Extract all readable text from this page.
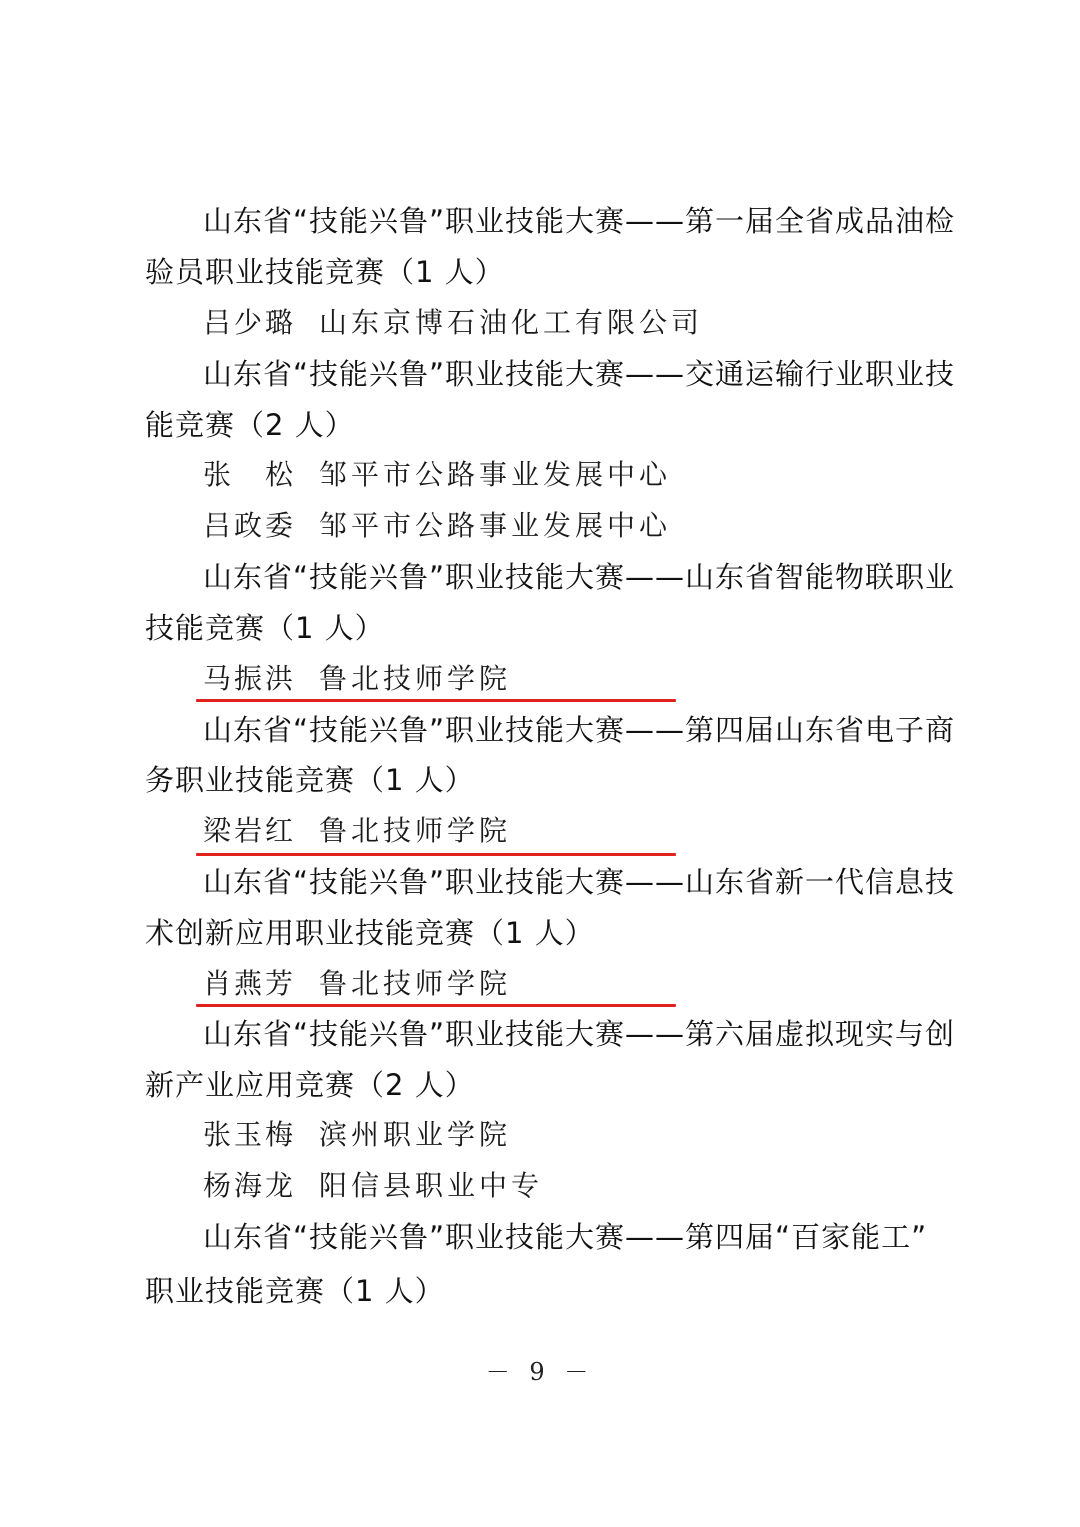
山东省“技能兴鲁”职业技能大赛——第一届全省成品油检
验员职业技能竞赛（1 人）
吕少璐 山东京博石油化工有限公司
山东省“技能兴鲁”职业技能大赛——交通运输行业职业技
能竞赛（2 人）
张　松 邹平市公路事业发展中心
吕政委 邹平市公路事业发展中心
山东省“技能兴鲁”职业技能大赛——山东省智能物联职业
技能竞赛（1 人）
马振洪 鲁北技师学院
山东省“技能兴鲁”职业技能大赛——第四届山东省电子商
务职业技能竞赛（1 人）
梁岩红 鲁北技师学院
山东省“技能兴鲁”职业技能大赛——山东省新一代信息技
术创新应用职业技能竞赛（1 人）
肖燕芳 鲁北技师学院
山东省“技能兴鲁”职业技能大赛——第六届虚拟现实与创
新产业应用竞赛（2 人）
张玉梅 滨州职业学院
杨海龙 阳信县职业中专
山东省“技能兴鲁”职业技能大赛——第四届“百家能工”
职业技能竞赛（1 人）
－ 9 －
